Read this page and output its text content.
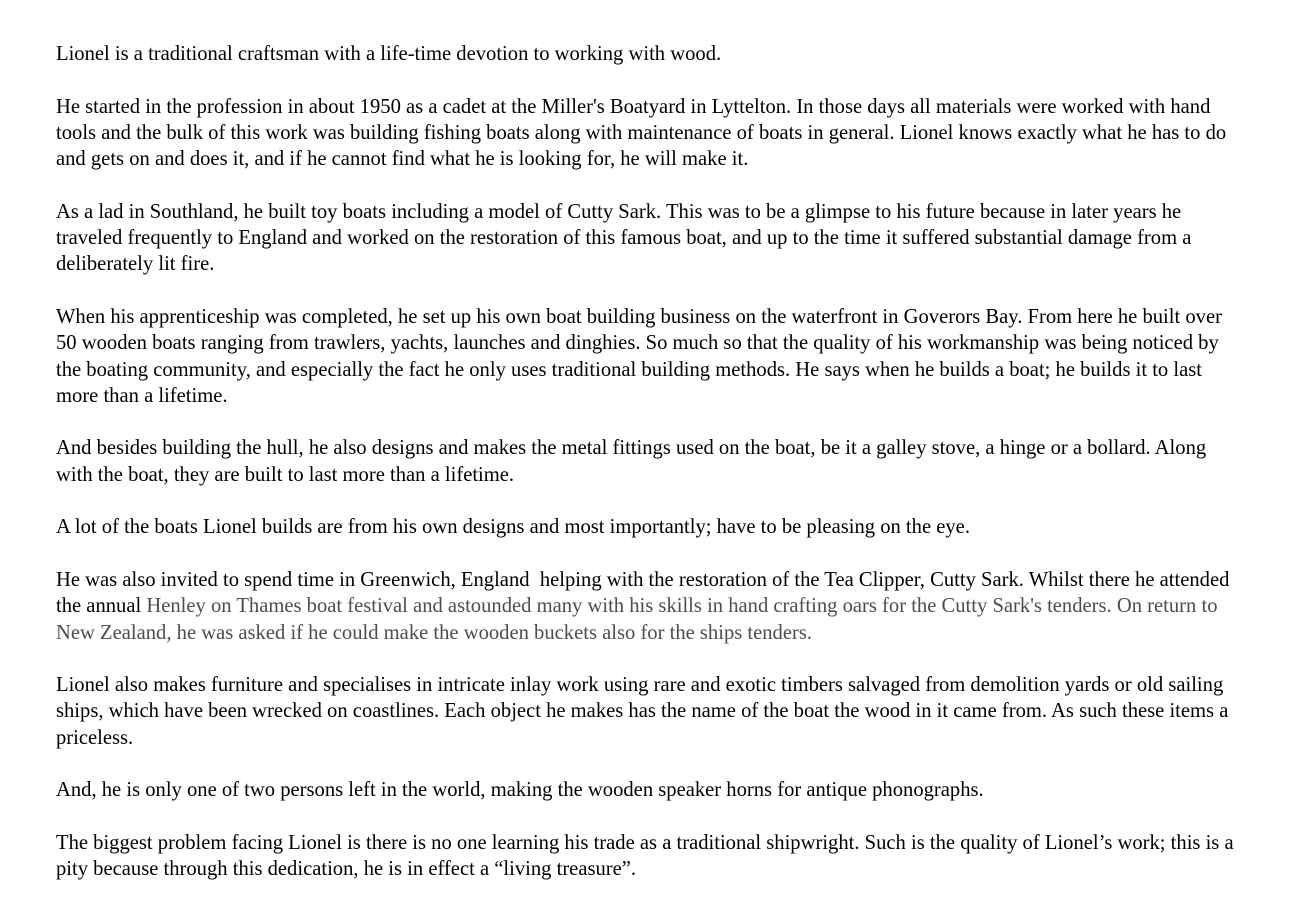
Lionel is a traditional craftsman with a life-time devotion to working with wood.

He started in the profession in about 1950 as a cadet at the Miller's Boatyard in Lyttelton. In those days all materials were worked with hand tools and the bulk of this work was building fishing boats along with maintenance of boats in general. Lionel knows exactly what he has to do and gets on and does it, and if he cannot find what he is looking for, he will make it.

As a lad in Southland, he built toy boats including a model of Cutty Sark. This was to be a glimpse to his future because in later years he traveled frequently to England and worked on the restoration of this famous boat, and up to the time it suffered substantial damage from a deliberately lit fire.

When his apprenticeship was completed, he set up his own boat building business on the waterfront in Goverors Bay. From here he built over 50 wooden boats ranging from trawlers, yachts, launches and dinghies. So much so that the quality of his workmanship was being noticed by the boating community, and especially the fact he only uses traditional building methods. He says when he builds a boat; he builds it to last more than a lifetime.

And besides building the hull, he also designs and makes the metal fittings used on the boat, be it a galley stove, a hinge or a bollard. Along with the boat, they are built to last more than a lifetime.

A lot of the boats Lionel builds are from his own designs and most importantly; have to be pleasing on the eye.

He was also invited to spend time in Greenwich, England  helping with the restoration of the Tea Clipper, Cutty Sark. Whilst there he attended the annual Henley on Thames boat festival and astounded many with his skills in hand crafting oars for the Cutty Sark's tenders. On return to New Zealand, he was asked if he could make the wooden buckets also for the ships tenders.

Lionel also makes furniture and specialises in intricate inlay work using rare and exotic timbers salvaged from demolition yards or old sailing ships, which have been wrecked on coastlines. Each object he makes has the name of the boat the wood in it came from. As such these items a priceless.

And, he is only one of two persons left in the world, making the wooden speaker horns for antique phonographs.

The biggest problem facing Lionel is there is no one learning his trade as a traditional shipwright. Such is the quality of Lionel’s work; this is a pity because through this dedication, he is in effect a “living treasure”.
